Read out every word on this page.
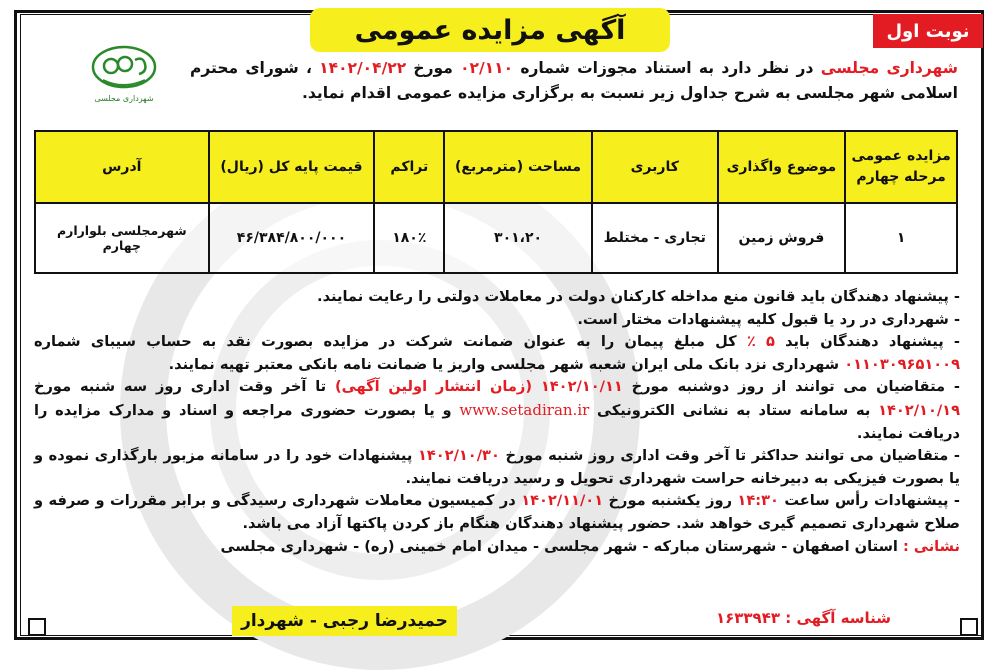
نوبت اول
آگهی مزایده عمومی
شهرداری مجلسی
شهرداری مجلسی در نظر دارد به استناد مجوزات شماره ۰۲/۱۱۰ مورخ ۱۴۰۲/۰۴/۲۲ ، شورای محترم اسلامی شهر مجلسی به شرح جداول زیر نسبت به برگزاری مزایده عمومی اقدام نماید.
مزایده عمومی مرحله چهارم	موضوع واگذاری	کاربری	مساحت (مترمربع)	تراکم	قیمت پایه کل (ریال)	آدرس
۱	فروش زمین	تجاری - مختلط	۳۰۱،۲۰	۱۸۰٪	۴۶/۳۸۴/۸۰۰/۰۰۰	شهرمجلسی بلوارارم چهارم

- پیشنهاد دهندگان باید قانون منع مداخله کارکنان دولت در معاملات دولتی را رعایت نمایند.

- شهرداری در رد یا قبول کلیه پیشنهادات مختار است.

- پیشنهاد دهندگان باید ۵ ٪ کل مبلغ پیمان را به عنوان ضمانت شرکت در مزایده بصورت نقد به حساب سیبای شماره ۰۱۱۰۳۰۹۶۵۱۰۰۹ شهرداری نزد بانک ملی ایران شعبه شهر مجلسی واریز یا ضمانت نامه بانکی معتبر تهیه نمایند.

- متقاضیان می توانند از روز دوشنبه مورخ ۱۴۰۲/۱۰/۱۱ (زمان انتشار اولین آگهی) تا آخر وقت اداری روز سه شنبه مورخ ۱۴۰۲/۱۰/۱۹ به سامانه ستاد به نشانی الکترونیکی www.setadiran.ir و یا بصورت حضوری مراجعه و اسناد و مدارک مزایده را دریافت نمایند.

- متقاضیان می توانند حداکثر تا آخر وقت اداری روز شنبه مورخ ۱۴۰۲/۱۰/۳۰ پیشنهادات خود را در سامانه مزبور بارگذاری نموده و یا بصورت فیزیکی به دبیرخانه حراست شهرداری تحویل و رسید دریافت نمایند.

- پیشنهادات رأس ساعت ۱۴:۳۰ روز یکشنبه مورخ ۱۴۰۲/۱۱/۰۱ در کمیسیون معاملات شهرداری رسیدگی و برابر مقررات و صرفه و صلاح شهرداری تصمیم گیری خواهد شد. حضور پیشنهاد دهندگان هنگام باز کردن پاکتها آزاد می باشد.

نشانی : استان اصفهان - شهرستان مبارکه - شهر مجلسی - میدان امام خمینی (ره) - شهرداری مجلسی

حمیدرضا رجبی - شهردار	شناسه آگهی : ۱۶۳۳۹۴۳
